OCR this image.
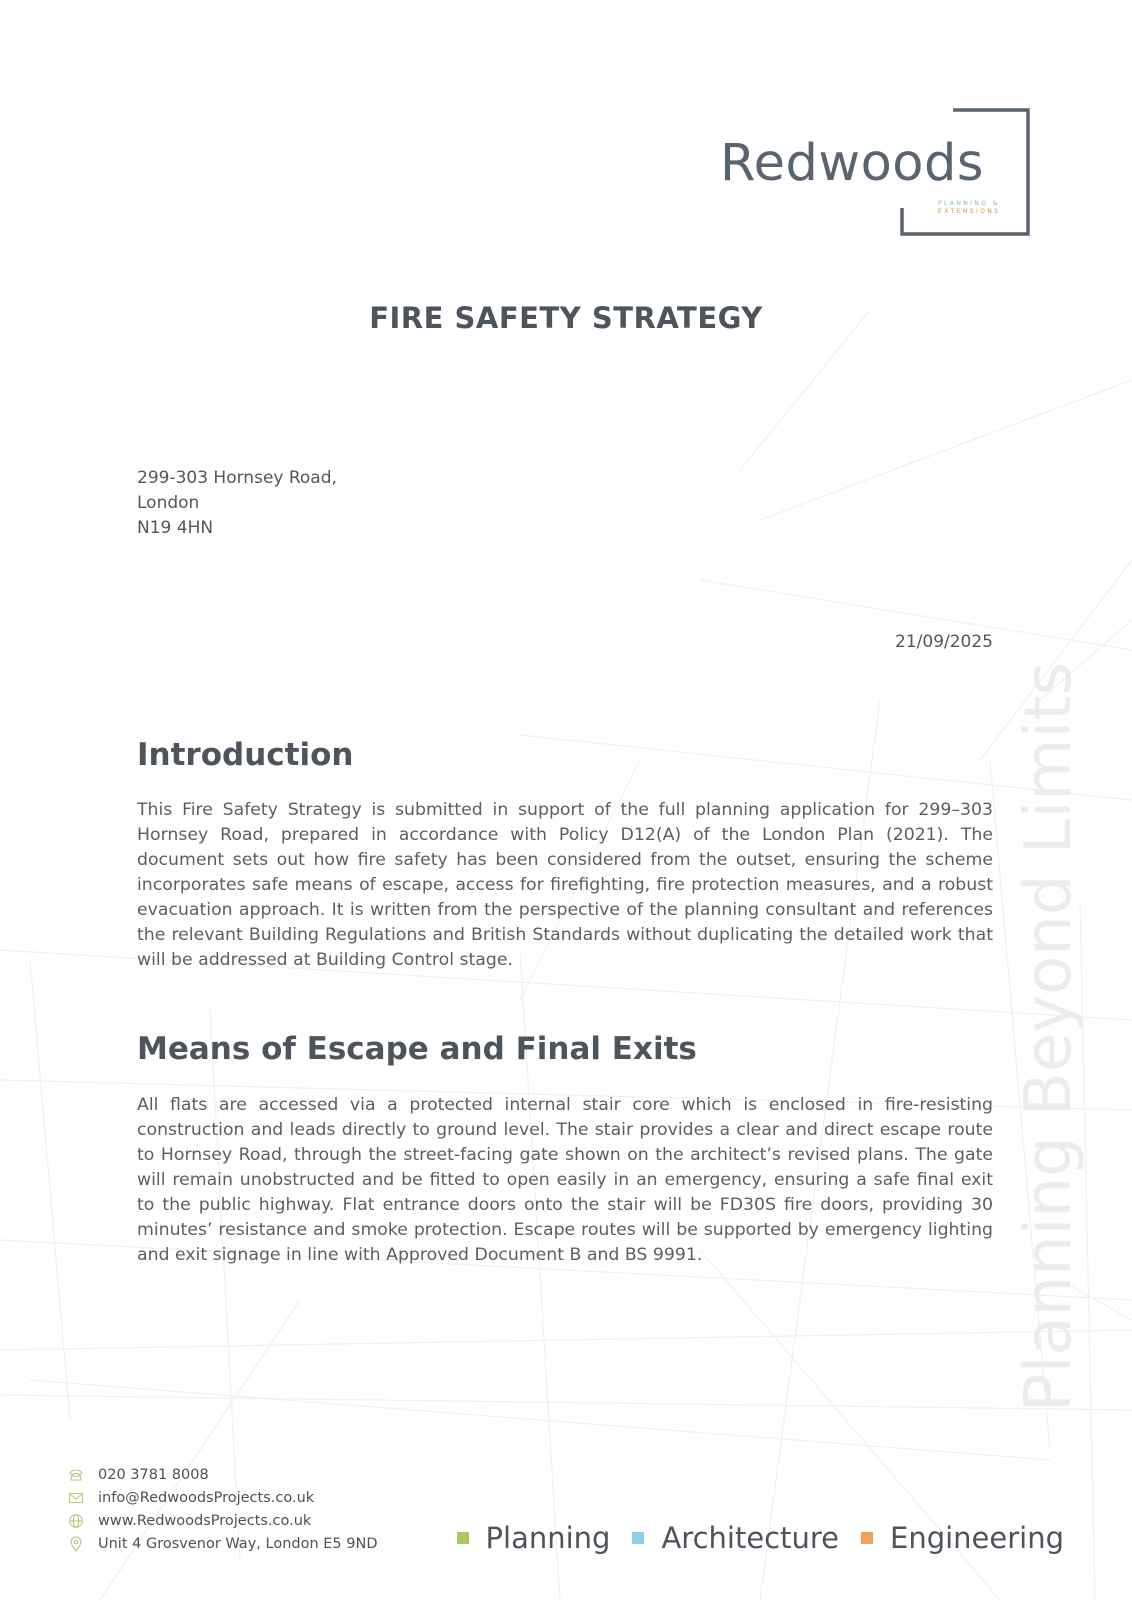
Redwoods
PLANNING &
EXTENSIONS
FIRE SAFETY STRATEGY
299-303 Hornsey Road,
London
N19 4HN
21/09/2025
Introduction
This Fire Safety Strategy is submitted in support of the full planning application for 299–303 Hornsey Road, prepared in accordance with Policy D12(A) of the London Plan (2021). The document sets out how fire safety has been considered from the outset, ensuring the scheme incorporates safe means of escape, access for firefighting, fire protection measures, and a robust evacuation approach. It is written from the perspective of the planning consultant and references the relevant Building Regulations and British Standards without duplicating the detailed work that will be addressed at Building Control stage.
Means of Escape and Final Exits
All flats are accessed via a protected internal stair core which is enclosed in fire-resisting construction and leads directly to ground level. The stair provides a clear and direct escape route to Hornsey Road, through the street-facing gate shown on the architect’s revised plans. The gate will remain unobstructed and be fitted to open easily in an emergency, ensuring a safe final exit to the public highway. Flat entrance doors onto the stair will be FD30S fire doors, providing 30 minutes’ resistance and smoke protection. Escape routes will be supported by emergency lighting and exit signage in line with Approved Document B and BS 9991.	Planning Beyond Limits
020 3781 8008
info@RedwoodsProjects.co.uk
www.RedwoodsProjects.co.uk
Unit 4 Grosvenor Way, London E5 9ND	Planning Architecture Engineering
